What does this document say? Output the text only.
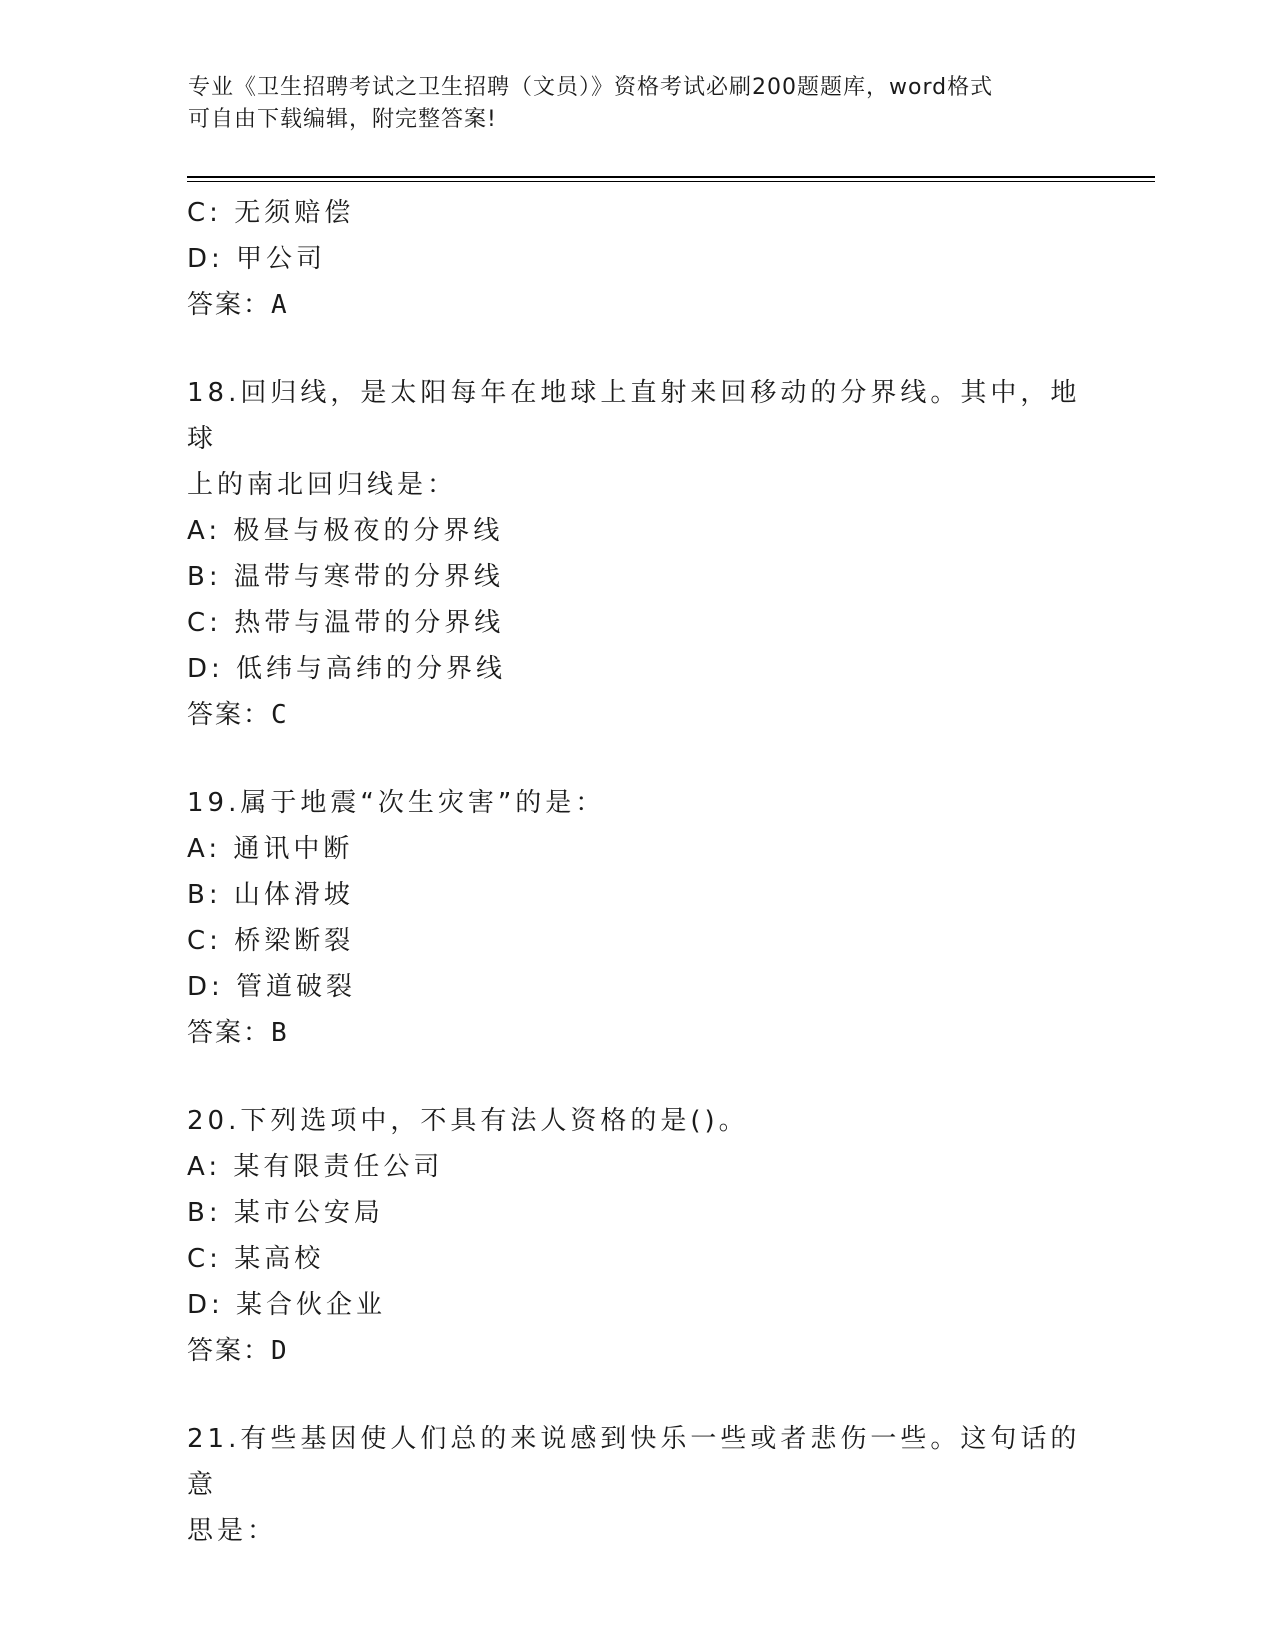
专业《卫生招聘考试之卫生招聘（文员）》资格考试必刷200题题库，word格式
可自由下载编辑，附完整答案!

C: 无须赔偿

D: 甲公司

答案：A

18.回归线，是太阳每年在地球上直射来回移动的分界线。其中，地球

上的南北回归线是：

A: 极昼与极夜的分界线

B: 温带与寒带的分界线

C: 热带与温带的分界线

D: 低纬与高纬的分界线

答案：C

19.属于地震“次生灾害”的是：

A: 通讯中断

B: 山体滑坡

C: 桥梁断裂

D: 管道破裂

答案：B

20.下列选项中，不具有法人资格的是()。

A: 某有限责任公司

B: 某市公安局

C: 某高校

D: 某合伙企业

答案：D

21.有些基因使人们总的来说感到快乐一些或者悲伤一些。这句话的意

思是：
